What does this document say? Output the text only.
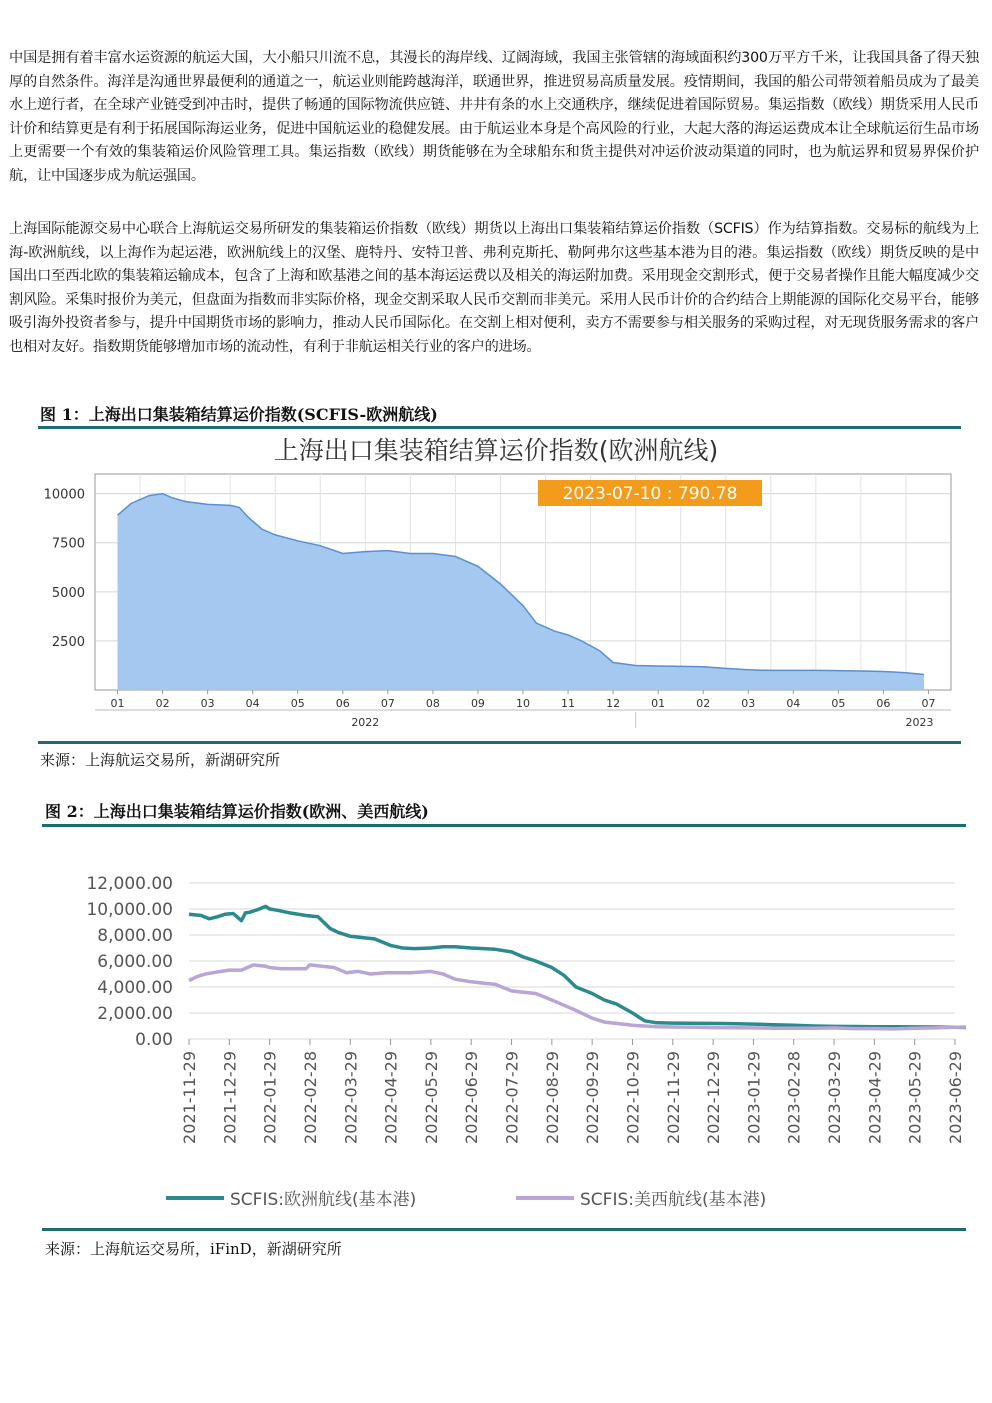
中国是拥有着丰富水运资源的航运大国，大小船只川流不息，其漫长的海岸线、辽阔海域，我国主张管辖的海域面积约300万平方千米，让我国具备了得天独厚的自然条件。海洋是沟通世界最便利的通道之一，航运业则能跨越海洋，联通世界，推进贸易高质量发展。疫情期间，我国的船公司带领着船员成为了最美水上逆行者，在全球产业链受到冲击时，提供了畅通的国际物流供应链、井井有条的水上交通秩序，继续促进着国际贸易。集运指数（欧线）期货采用人民币计价和结算更是有利于拓展国际海运业务，促进中国航运业的稳健发展。由于航运业本身是个高风险的行业，大起大落的海运运费成本让全球航运衍生品市场上更需要一个有效的集装箱运价风险管理工具。集运指数（欧线）期货能够在为全球船东和货主提供对冲运价波动渠道的同时，也为航运界和贸易界保价护航，让中国逐步成为航运强国。

上海国际能源交易中心联合上海航运交易所研发的集装箱运价指数（欧线）期货以上海出口集装箱结算运价指数（SCFIS）作为结算指数。交易标的航线为上海-欧洲航线，以上海作为起运港，欧洲航线上的汉堡、鹿特丹、安特卫普、弗利克斯托、勒阿弗尔这些基本港为目的港。集运指数（欧线）期货反映的是中国出口至西北欧的集装箱运输成本，包含了上海和欧基港之间的基本海运运费以及相关的海运附加费。采用现金交割形式，便于交易者操作且能大幅度减少交割风险。采集时报价为美元，但盘面为指数而非实际价格，现金交割采取人民币交割而非美元。采用人民币计价的合约结合上期能源的国际化交易平台，能够吸引海外投资者参与，提升中国期货市场的影响力，推动人民币国际化。在交割上相对便利，卖方不需要参与相关服务的采购过程，对无现货服务需求的客户也相对友好。指数期货能够增加市场的流动性，有利于非航运相关行业的客户的进场。

图 1：上海出口集装箱结算运价指数(SCFIS-欧洲航线)
上海出口集装箱结算运价指数(欧洲航线)
2500
5000
7500
10000
01	02	03	04	05	06	07	08	09	10	11	12	01	02	03	04	05	06	07
2022	2023
2023-07-10 : 790.78
来源：上海航运交易所，新湖研究所
图 2：上海出口集装箱结算运价指数(欧洲、美西航线)
12,000.00
10,000.00
8,000.00
6,000.00
4,000.00
2,000.00
0.00
2021-11-29 2021-12-29 2022-01-29 2022-02-28 2022-03-29 2022-04-29 2022-05-29 2022-06-29 2022-07-29 2022-08-29 2022-09-29 2022-10-29 2022-11-29 2022-12-29 2023-01-29 2023-02-28 2023-03-29 2023-04-29 2023-05-29 2023-06-29
SCFIS:欧洲航线(基本港)	SCFIS:美西航线(基本港)
来源：上海航运交易所，iFinD，新湖研究所
